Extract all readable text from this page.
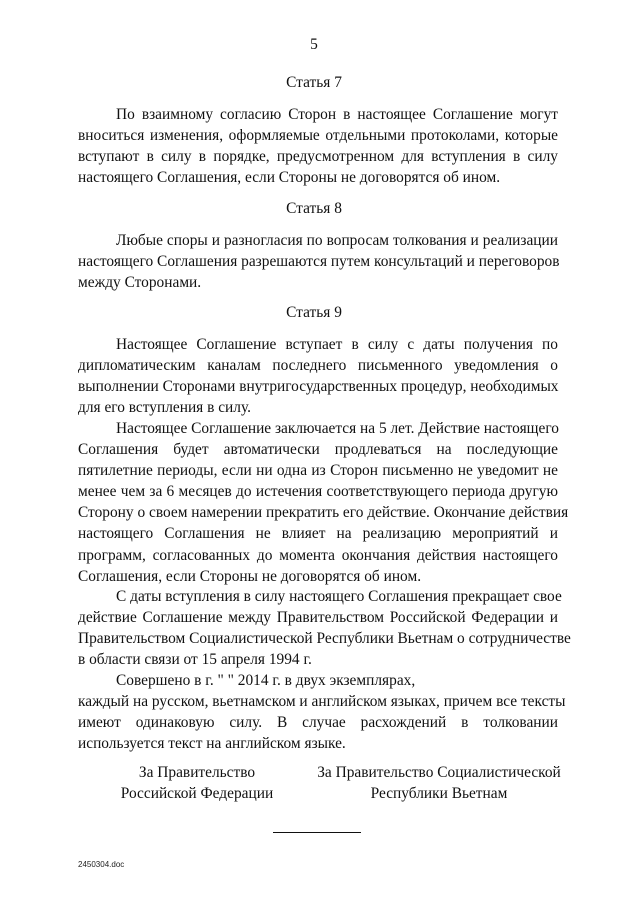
5
Статья 7
По взаимному согласию Сторон в настоящее Соглашение могут
вноситься изменения, оформляемые отдельными протоколами, которые
вступают в силу в порядке, предусмотренном для вступления в силу
настоящего Соглашения, если Стороны не договорятся об ином.
Статья 8
Любые споры и разногласия по вопросам толкования и реализации
настоящего Соглашения разрешаются путем консультаций и переговоров
между Сторонами.
Статья 9
Настоящее Соглашение вступает в силу с даты получения по
дипломатическим каналам последнего письменного уведомления о
выполнении Сторонами внутригосударственных процедур, необходимых
для его вступления в силу.
Настоящее Соглашение заключается на 5 лет. Действие настоящего
Соглашения будет автоматически продлеваться на последующие
пятилетние периоды, если ни одна из Сторон письменно не уведомит не
менее чем за 6 месяцев до истечения соответствующего периода другую
Сторону о своем намерении прекратить его действие. Окончание действия
настоящего Соглашения не влияет на реализацию мероприятий и
программ, согласованных до момента окончания действия настоящего
Соглашения, если Стороны не договорятся об ином.
С даты вступления в силу настоящего Соглашения прекращает свое
действие Соглашение между Правительством Российской Федерации и
Правительством Социалистической Республики Вьетнам о сотрудничестве
в области связи от 15 апреля 1994 г.
Совершено в г. " " 2014 г. в двух экземплярах,
каждый на русском, вьетнамском и английском языках, причем все тексты
имеют одинаковую силу. В случае расхождений в толковании
используется текст на английском языке.
За Правительство
Российской Федерации
За Правительство Социалистической
Республики Вьетнам
2450304.doc
